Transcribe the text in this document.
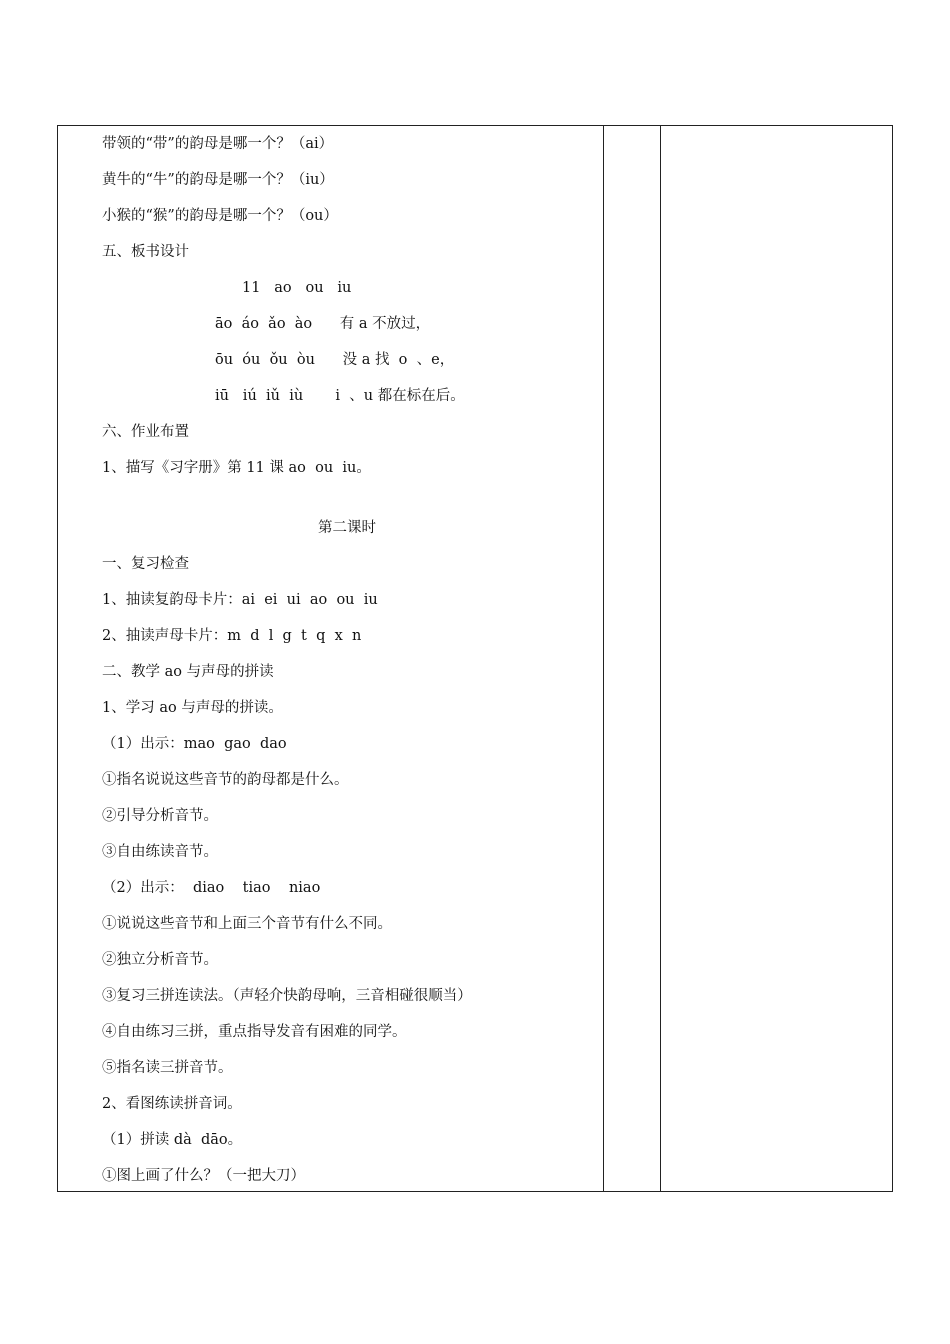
带领的“带”的韵母是哪一个？（ai）
黄牛的“牛”的韵母是哪一个？（iu）
小猴的“猴”的韵母是哪一个？（ou）
五、板书设计
11   ao   ou   iu
āo  áo  ǎo  ào      有 a 不放过，
ōu  óu  ǒu  òu      没 a 找  o  、e，
iū   iú  iǔ  iù       i  、u 都在标在后。
六、作业布置
1、描写《习字册》第 11 课 ao  ou  iu。
第二课时
一、复习检查
1、抽读复韵母卡片：ai  ei  ui  ao  ou  iu
2、抽读声母卡片：m  d  l  g  t  q  x  n
二、教学 ao 与声母的拼读
1、学习 ao 与声母的拼读。
（1）出示：mao  gao  dao
①指名说说这些音节的韵母都是什么。
②引导分析音节。
③自由练读音节。
（2）出示：  diao    tiao    niao
①说说这些音节和上面三个音节有什么不同。
②独立分析音节。
③复习三拼连读法。（声轻介快韵母响，三音相碰很顺当）
④自由练习三拼，重点指导发音有困难的同学。
⑤指名读三拼音节。
2、看图练读拼音词。
（1）拼读 dà  dāo。
①图上画了什么？（一把大刀）
